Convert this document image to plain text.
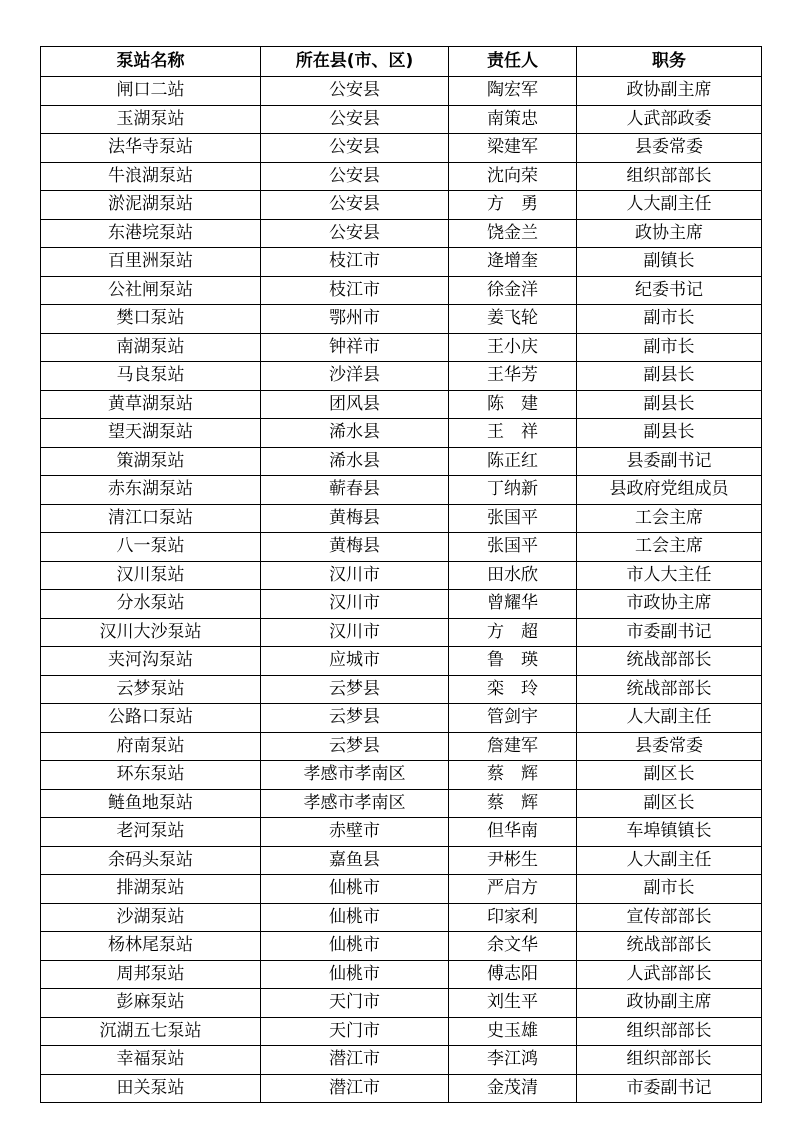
泵站名称	所在县(市、区)	责任人	职务
闸口二站	公安县	陶宏军	政协副主席
玉湖泵站	公安县	南策忠	人武部政委
法华寺泵站	公安县	梁建军	县委常委
牛浪湖泵站	公安县	沈向荣	组织部部长
淤泥湖泵站	公安县	方　勇	人大副主任
东港垸泵站	公安县	饶金兰	政协主席
百里洲泵站	枝江市	逄增奎	副镇长
公社闸泵站	枝江市	徐金洋	纪委书记
樊口泵站	鄂州市	姜飞轮	副市长
南湖泵站	钟祥市	王小庆	副市长
马良泵站	沙洋县	王华芳	副县长
黄草湖泵站	团风县	陈　建	副县长
望天湖泵站	浠水县	王　祥	副县长
策湖泵站	浠水县	陈正红	县委副书记
赤东湖泵站	蕲春县	丁纳新	县政府党组成员
清江口泵站	黄梅县	张国平	工会主席
八一泵站	黄梅县	张国平	工会主席
汉川泵站	汉川市	田水欣	市人大主任
分水泵站	汉川市	曾耀华	市政协主席
汉川大沙泵站	汉川市	方　超	市委副书记
夹河沟泵站	应城市	鲁　瑛	统战部部长
云梦泵站	云梦县	栾　玲	统战部部长
公路口泵站	云梦县	管剑宇	人大副主任
府南泵站	云梦县	詹建军	县委常委
环东泵站	孝感市孝南区	蔡　辉	副区长
鲢鱼地泵站	孝感市孝南区	蔡　辉	副区长
老河泵站	赤壁市	但华南	车埠镇镇长
余码头泵站	嘉鱼县	尹彬生	人大副主任
排湖泵站	仙桃市	严启方	副市长
沙湖泵站	仙桃市	印家利	宣传部部长
杨林尾泵站	仙桃市	余文华	统战部部长
周邦泵站	仙桃市	傅志阳	人武部部长
彭麻泵站	天门市	刘生平	政协副主席
沉湖五七泵站	天门市	史玉雄	组织部部长
幸福泵站	潜江市	李江鸿	组织部部长
田关泵站	潜江市	金茂清	市委副书记
